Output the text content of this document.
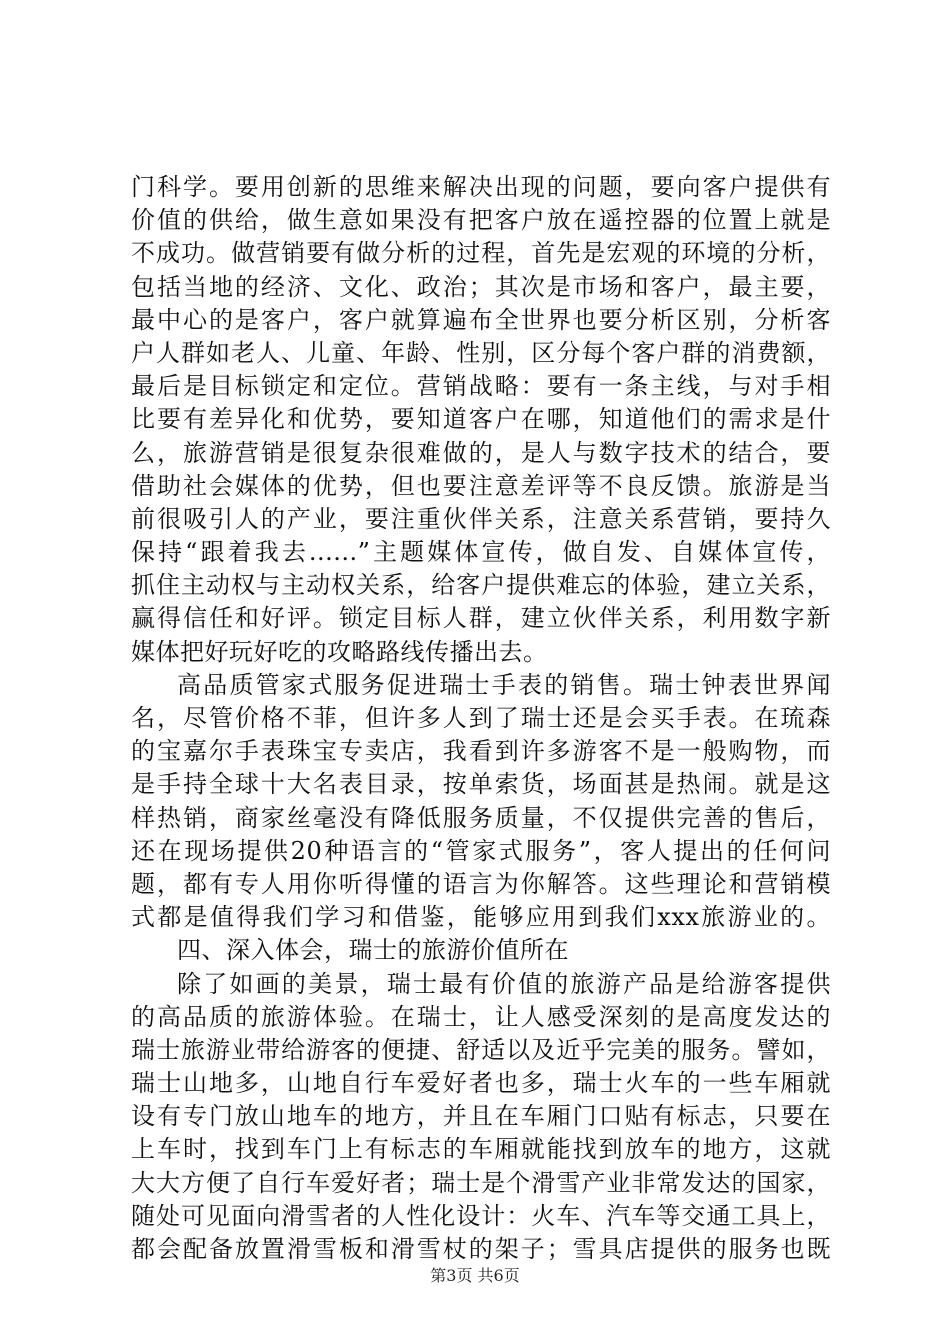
门科学。要用创新的思维来解决出现的问题，要向客户提供有
价值的供给，做生意如果没有把客户放在遥控器的位置上就是
不成功。做营销要有做分析的过程，首先是宏观的环境的分析，
包括当地的经济、文化、政治；其次是市场和客户，最主要，
最中心的是客户，客户就算遍布全世界也要分析区别，分析客
户人群如老人、儿童、年龄、性别，区分每个客户群的消费额，
最后是目标锁定和定位。营销战略：要有一条主线，与对手相
比要有差异化和优势，要知道客户在哪，知道他们的需求是什
么，旅游营销是很复杂很难做的，是人与数字技术的结合，要
借助社会媒体的优势，但也要注意差评等不良反馈。旅游是当
前很吸引人的产业，要注重伙伴关系，注意关系营销，要持久
保持“跟着我去......”主题媒体宣传，做自发、自媒体宣传，
抓住主动权与主动权关系，给客户提供难忘的体验，建立关系，
赢得信任和好评。锁定目标人群，建立伙伴关系，利用数字新
媒体把好玩好吃的攻略路线传播出去。
高品质管家式服务促进瑞士手表的销售。瑞士钟表世界闻
名，尽管价格不菲，但许多人到了瑞士还是会买手表。在琉森
的宝嘉尔手表珠宝专卖店，我看到许多游客不是一般购物，而
是手持全球十大名表目录，按单索货，场面甚是热闹。就是这
样热销，商家丝毫没有降低服务质量，不仅提供完善的售后，
还在现场提供20种语言的“管家式服务”，客人提出的任何问
题，都有专人用你听得懂的语言为你解答。这些理论和营销模
式都是值得我们学习和借鉴，能够应用到我们xxx旅游业的。
四、深入体会，瑞士的旅游价值所在
除了如画的美景，瑞士最有价值的旅游产品是给游客提供
的高品质的旅游体验。在瑞士，让人感受深刻的是高度发达的
瑞士旅游业带给游客的便捷、舒适以及近乎完美的服务。譬如，
瑞士山地多，山地自行车爱好者也多，瑞士火车的一些车厢就
设有专门放山地车的地方，并且在车厢门口贴有标志，只要在
上车时，找到车门上有标志的车厢就能找到放车的地方，这就
大大方便了自行车爱好者；瑞士是个滑雪产业非常发达的国家，
随处可见面向滑雪者的人性化设计：火车、汽车等交通工具上，
都会配备放置滑雪板和滑雪杖的架子；雪具店提供的服务也既
第3页 共6页
